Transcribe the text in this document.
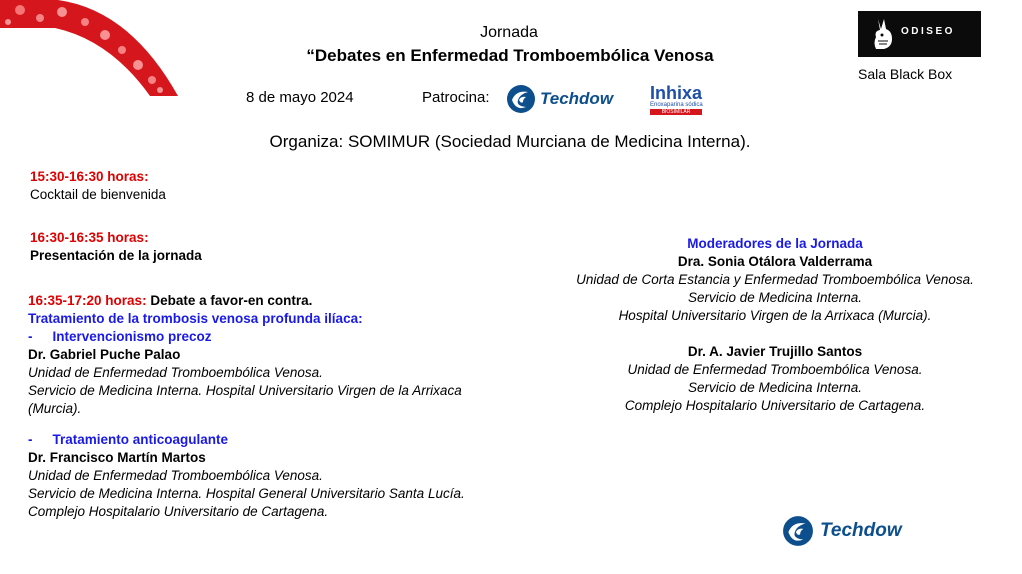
Jornada
“Debates en Enfermedad Tromboembólica Venosa
8 de mayo 2024	Patrocina:	Techdow Inhixa
Enoxaparina sódica
BIOSIMILAR
Organiza: SOMIMUR (Sociedad Murciana de Medicina Interna).
ODISEO
Sala Black Box
15:30-16:30 horas:
Cocktail de bienvenida
16:30-16:35 horas:
Presentación de la jornada
16:35-17:20 horas: Debate a favor-en contra.
Tratamiento de la trombosis venosa profunda ilíaca:
- Intervencionismo precoz
Dr. Gabriel Puche Palao
Unidad de Enfermedad Tromboembólica Venosa.
Servicio de Medicina Interna. Hospital Universitario Virgen de la Arrixaca
(Murcia).
- Tratamiento anticoagulante
Dr. Francisco Martín Martos
Unidad de Enfermedad Tromboembólica Venosa.
Servicio de Medicina Interna. Hospital General Universitario Santa Lucía.
Complejo Hospitalario Universitario de Cartagena.
Moderadores de la Jornada
Dra. Sonia Otálora Valderrama
Unidad de Corta Estancia y Enfermedad Tromboembólica Venosa.
Servicio de Medicina Interna.
Hospital Universitario Virgen de la Arrixaca (Murcia).
Dr. A. Javier Trujillo Santos
Unidad de Enfermedad Tromboembólica Venosa.
Servicio de Medicina Interna.
Complejo Hospitalario Universitario de Cartagena.
Techdow
